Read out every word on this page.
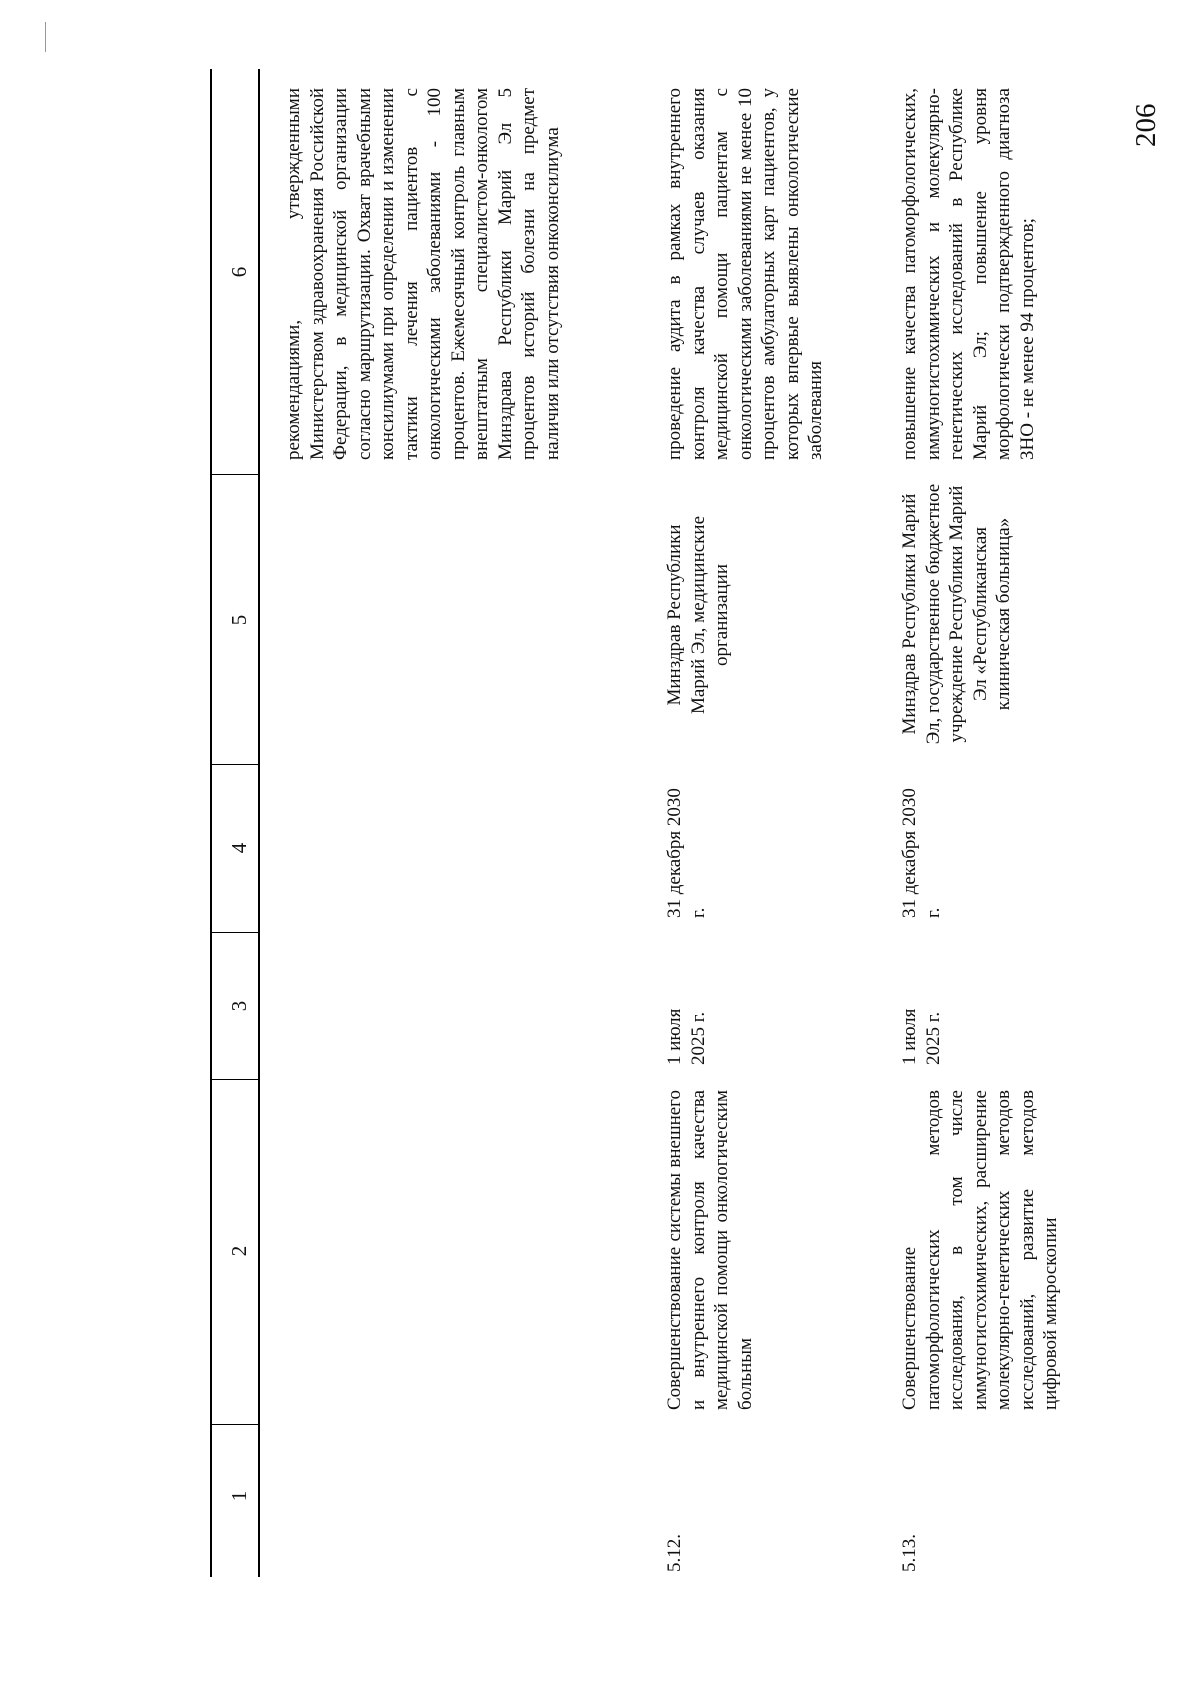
206
1
2
3
4
5
6 рекомендациями, утвержденными Министерством здравоохранения Российской Федерации, в медицинской организации согласно маршрутизации. Охват врачебными консилиумами при определении и изменении тактики лечения пациентов с онкологическими заболеваниями - 100 процентов. Ежемесячный контроль главным внештатным специалистом-онкологом Минздрава Республики Марий Эл 5 процентов историй болезни на предмет наличия или отсутствия онкоконсилиума
5.12.
Совершенствование системы внешнего и внутреннего контроля качества медицинской помощи онкологическим больным
1 июля 2025 г.
31 декабря 2030 г.
Минздрав Республики Марий Эл, медицинские организации
проведение аудита в рамках внутреннего контроля качества случаев оказания медицинской помощи пациентам с онкологическими заболеваниями не менее 10 процентов амбулаторных карт пациентов, у которых впервые выявлены онкологические заболевания
5.13.
Совершенствование патоморфологических методов исследования, в том числе иммуногистохимических, расширение молекулярно-генетических методов исследований, развитие методов цифровой микроскопии
1 июля 2025 г.
31 декабря 2030 г.
Минздрав Республики Марий Эл, государственное бюджетное учреждение Республики Марий Эл «Республиканская клиническая больница»
повышение качества патоморфологических, иммуногистохимических и молекулярно-генетических исследований в Республике Марий Эл; повышение уровня морфологически подтвержденного диагноза ЗНО - не менее 94 процентов;
